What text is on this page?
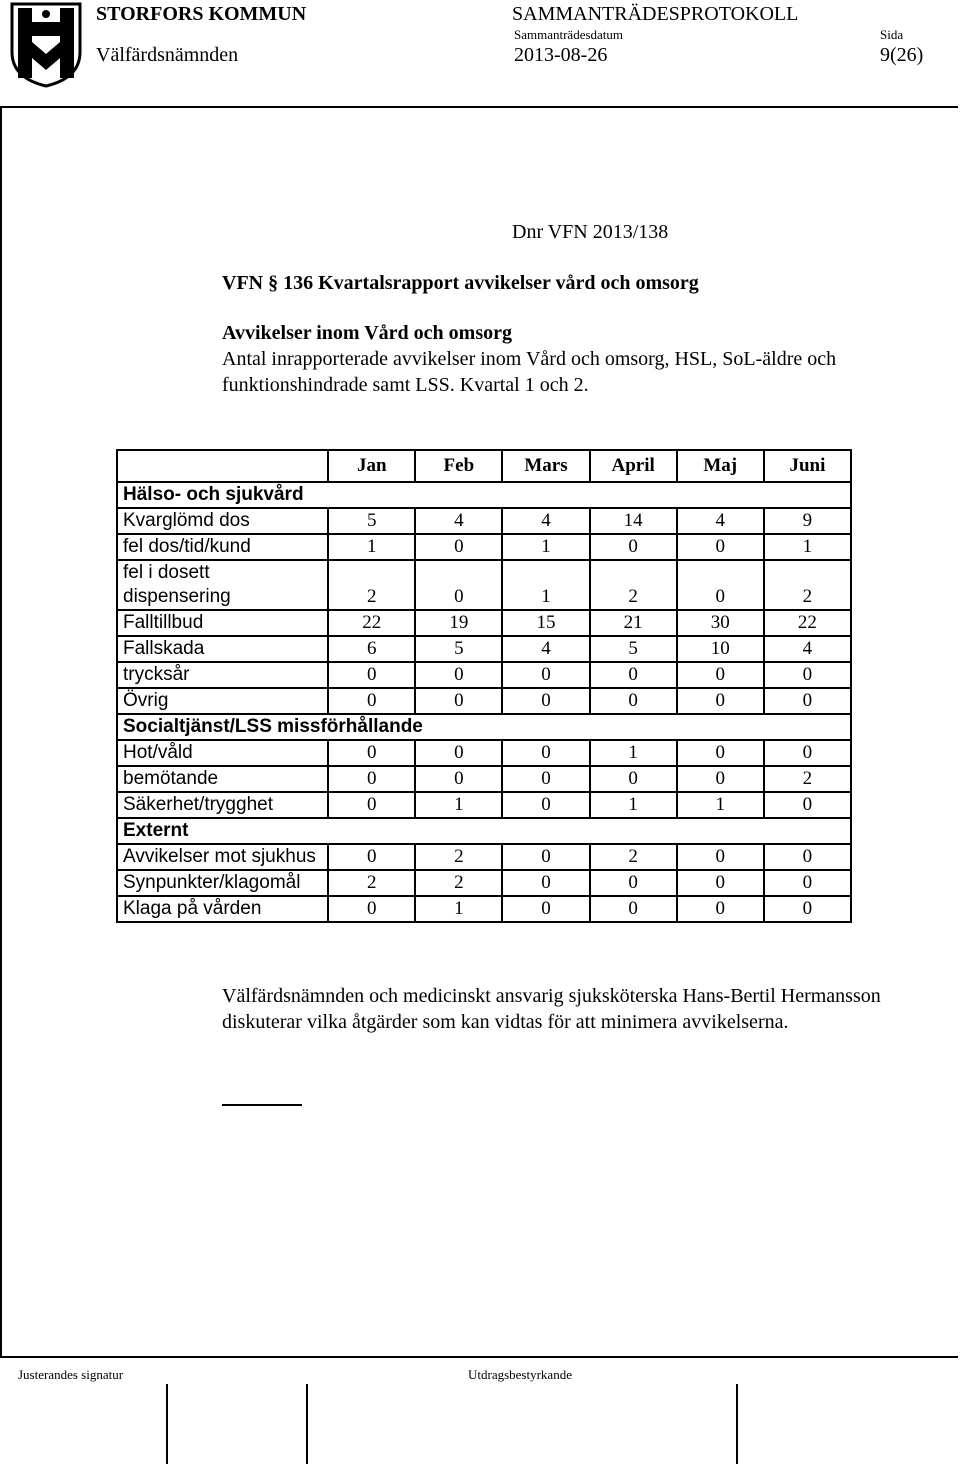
STORFORS KOMMUN
Välfärdsnämnden
SAMMANTRÄDESPROTOKOLL
Sammanträdesdatum	Sida
2013-08-26	9(26)
Dnr VFN 2013/138
VFN § 136 Kvartalsrapport avvikelser vård och omsorg
Avvikelser inom Vård och omsorg
Antal inrapporterade avvikelser inom Vård och omsorg, HSL, SoL-äldre och funktionshindrade samt LSS. Kvartal 1 och 2.
	Jan	Feb	Mars	April	Maj	Juni
Hälso- och sjukvård						
Kvarglömd dos	5	4	4	14	4	9
fel dos/tid/kund	1	0	1	0	0	1
fel i dosett dispensering	2	0	1	2	0	2
Falltillbud	22	19	15	21	30	22
Fallskada	6	5	4	5	10	4
trycksår	0	0	0	0	0	0
Övrig	0	0	0	0	0	0
Socialtjänst/LSS missförhållande						
Hot/våld	0	0	0	1	0	0
bemötande	0	0	0	0	0	2
Säkerhet/trygghet	0	1	0	1	1	0
Externt						
Avvikelser mot sjukhus	0	2	0	2	0	0
Synpunkter/klagomål	2	2	0	0	0	0
Klaga på vården	0	1	0	0	0	0
Välfärdsnämnden och medicinskt ansvarig sjuksköterska Hans-Bertil Hermansson diskuterar vilka åtgärder som kan vidtas för att minimera avvikelserna.
Justerandes signatur	Utdragsbestyrkande
